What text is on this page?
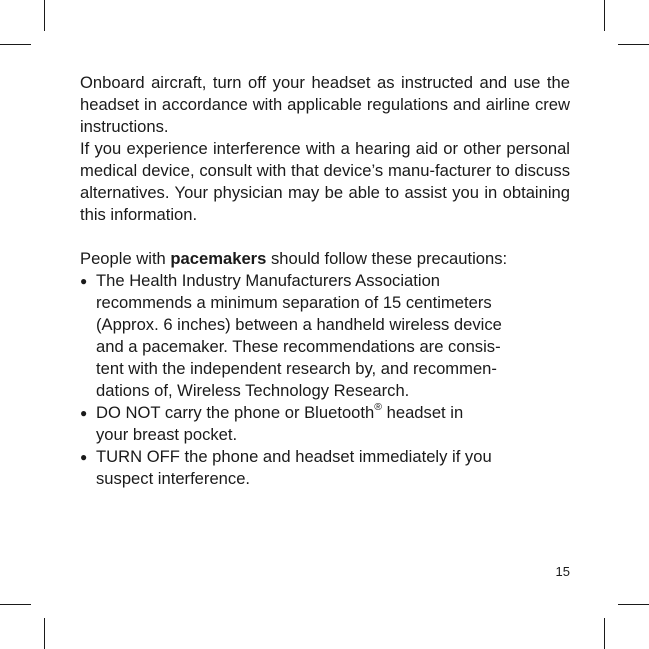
Onboard aircraft, turn off your headset as instructed and use the headset in accordance with applicable regulations and airline crew instructions.

If you experience interference with a hearing aid or other personal medical device, consult with that device’s manu-facturer to discuss alternatives. Your physician may be able to assist you in obtaining this information.

People with pacemakers should follow these precautions:

● The Health Industry Manufacturers Association
recommends a minimum separation of 15 centimeters
(Approx. 6 inches) between a handheld wireless device
and a pacemaker. These recommendations are consis-
tent with the independent research by, and recommen-
dations of, Wireless Technology Research.
● DO NOT carry the phone or Bluetooth® headset in
your breast pocket.
● TURN OFF the phone and headset immediately if you
suspect interference.
15
